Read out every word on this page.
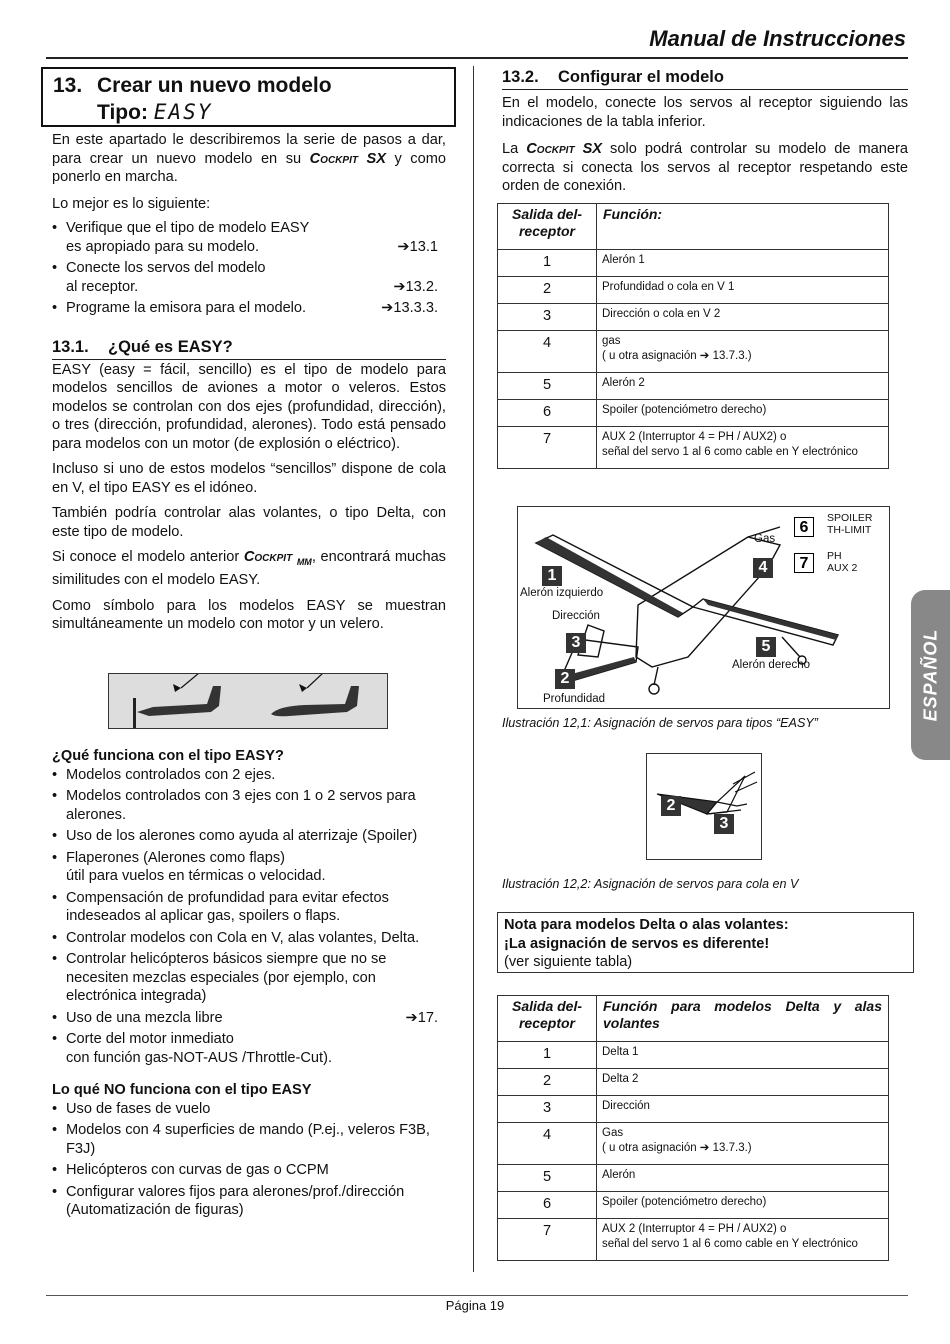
Manual de Instrucciones
13. Crear un nuevo modelo
Tipo: EASY

En este apartado le describiremos la serie de pasos a dar, para crear un nuevo modelo en su Cockpit SX y como ponerlo en marcha.

Lo mejor es lo siguiente:

• Verifique que el tipo de modelo EASY
es apropiado para su modelo.	➔13.1
• Conecte los servos del modelo
al receptor.	➔13.2.
• Programe la emisora para el modelo.	➔13.3.3.
13.1. ¿Qué es EASY?

EASY (easy = fácil, sencillo) es el tipo de modelo para modelos sencillos de aviones a motor o veleros. Estos modelos se controlan con dos ejes (profundidad, dirección), o tres (dirección, profundidad, alerones). Todo está pensado para modelos con un motor (de explosión o eléctrico).

Incluso si uno de estos modelos “sencillos” dispone de cola en V, el tipo EASY es el idóneo.

También podría controlar alas volantes, o tipo Delta, con este tipo de modelo.

Si conoce el modelo anterior Cockpit $_{MM}$, encontrará muchas similitudes con el modelo EASY.

Como símbolo para los modelos EASY se muestran simultáneamente un modelo con motor y un velero.

¿Qué funciona con el tipo EASY?
• Modelos controlados con 2 ejes.
• Modelos controlados con 3 ejes con 1 o 2 servos para alerones.
• Uso de los alerones como ayuda al aterrizaje (Spoiler)
• Flaperones (Alerones como flaps)
útil para vuelos en térmicas o velocidad.
• Compensación de profundidad para evitar efectos indeseados al aplicar gas, spoilers o flaps.
• Controlar modelos con Cola en V, alas volantes, Delta.
• Controlar helicópteros básicos siempre que no se necesiten mezclas especiales (por ejemplo, con electrónica integrada)
• Uso de una mezcla libre	➔17.
• Corte del motor inmediato
con función gas-NOT-AUS /Throttle-Cut).
Lo qué NO funciona con el tipo EASY
• Uso de fases de vuelo
• Modelos con 4 superficies de mando (P.ej., veleros F3B, F3J)
• Helicópteros con curvas de gas o CCPM
• Configurar valores fijos para alerones/prof./dirección (Automatización de figuras)
13.2. Configurar el modelo

En el modelo, conecte los servos al receptor siguiendo las indicaciones de la tabla inferior.

La Cockpit SX solo podrá controlar su modelo de manera correcta si conecta los servos al receptor respetando este orden de conexión.

Salida del-receptor	Función:
1	Alerón 1
2	Profundidad o cola en V 1
3	Dirección o cola en V 2
4	gas
( u otra asignación ➔ 13.7.3.)
5	Alerón 2
6	Spoiler (potenciómetro derecho)
7	AUX 2 (Interruptor 4 = PH / AUX2) o
señal del servo 1 al 6 como cable en Y electrónico
1
2
3
4
5
6
7
Alerón izquierdo
Dirección
Profundidad
Gas
Alerón derecho
SPOILER
TH-LIMIT
PH
AUX 2
Ilustración 12,1: Asignación de servos para tipos “EASY”
2
3
Ilustración 12,2: Asignación de servos para cola en V
Nota para modelos Delta o alas volantes:
¡La asignación de servos es diferente!
(ver siguiente tabla)
Salida del-receptor	Función para modelos Delta y alas volantes
1	Delta 1
2	Delta 2
3	Dirección
4	Gas
( u otra asignación ➔ 13.7.3.)
5	Alerón
6	Spoiler (potenciómetro derecho)
7	AUX 2 (Interruptor 4 = PH / AUX2) o
señal del servo 1 al 6 como cable en Y electrónico
ESPAÑOL
Página 19
